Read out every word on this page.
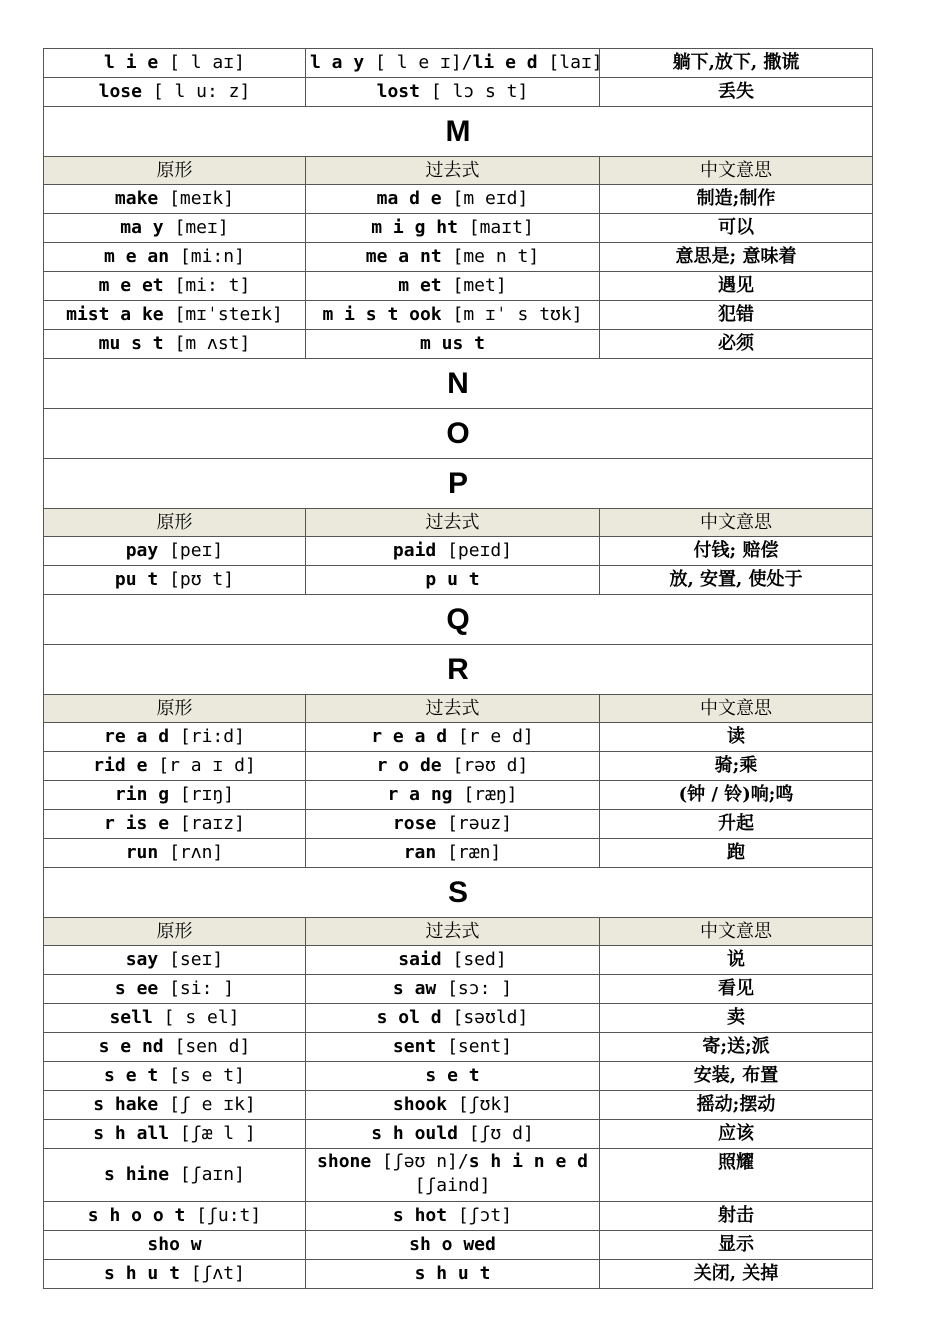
l i e [ l aɪ]	l a y [ l e ɪ]/li e d [laɪ]	躺下,放下, 撒谎
lose [ l u: z]	lost [ lɔ s t]	丢失
M		
原形	过去式	中文意思
make [meɪk]	ma d e [m eɪd]	制造;制作
ma y [meɪ]	m i g ht [maɪt]	可以
m e an [mi:n]	me a nt [me n t]	意思是; 意味着
m e et [mi: t]	m et [met]	遇见
mist a ke [mɪˈsteɪk]	m i s t ook [m ɪˈ s tʊk]	犯错
mu s t [m ʌst]	m us t	必须
N		
O		
P		
原形	过去式	中文意思
pay [peɪ]	paid [peɪd]	付钱; 赔偿
pu t [pʊ t]	p u t	放, 安置, 使处于
Q		
R		
原形	过去式	中文意思
re a d [ri:d]	r e a d [r e d]	读
rid e [r a ɪ d]	r o de [rəʊ d]	骑;乘
rin g [rɪŋ]	r a ng [ræŋ]	(钟 / 铃)响;鸣
r is e [raɪz]	rose [rəuz]	升起
run [rʌn]	ran [ræn]	跑
S		
原形	过去式	中文意思
say [seɪ]	said [sed]	说
s ee [si: ]	s aw [sɔ: ]	看见
sell [ s el]	s ol d [səʊld]	卖
s e nd [sen d]	sent [sent]	寄;送;派
s e t [s e t]	s e t	安装, 布置
s hake [ʃ e ɪk]	shook [ʃʊk]	摇动;摆动
s h all [ʃæ l ]	s h ould [ʃʊ d]	应该
s hine [ʃaɪn]	shone [ʃəʊ n]/s h i n e d [ʃaind]	照耀
s h o o t [ʃu:t]	s hot [ʃɔt]	射击
sho w	sh o wed	显示
s h u t [ʃʌt]	s h u t	关闭, 关掉
